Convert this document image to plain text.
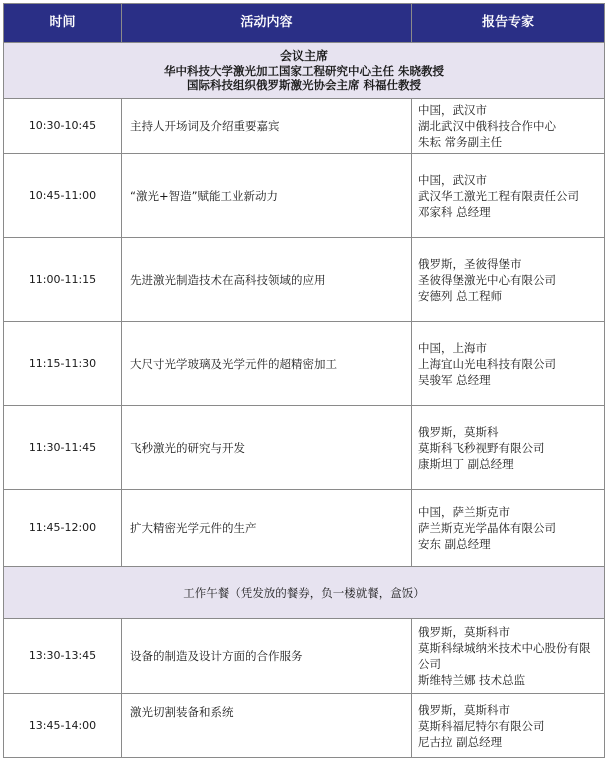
时间	活动内容	报告专家

会议主席
华中科技大学激光加工国家工程研究中心主任 朱晓教授
国际科技组织俄罗斯激光协会主席 科福仕教授		

10:30-10:45	主持人开场词及介绍重要嘉宾	中国，武汉市
湖北武汉中俄科技合作中心
朱耘 常务副主任

10:45-11:00	“激光+智造”赋能工业新动力	中国，武汉市
武汉华工激光工程有限责任公司
邓家科 总经理

11:00-11:15	先进激光制造技术在高科技领域的应用	俄罗斯，圣彼得堡市
圣彼得堡激光中心有限公司
安德列 总工程师

11:15-11:30	大尺寸光学玻璃及光学元件的超精密加工	中国，上海市
上海宜山光电科技有限公司
吴骏军 总经理

11:30-11:45	飞秒激光的研究与开发	俄罗斯，莫斯科
莫斯科飞秒视野有限公司
康斯坦丁 副总经理

11:45-12:00	扩大精密光学元件的生产	中国，萨兰斯克市
萨兰斯克光学晶体有限公司
安东 副总经理

工作午餐（凭发放的餐券，负一楼就餐，盒饭）		
13:30-13:45	设备的制造及设计方面的合作服务	俄罗斯，莫斯科市
莫斯科绿城纳米技术中心股份有限公司
斯维特兰娜 技术总监

13:45-14:00	激光切割装备和系统	俄罗斯，莫斯科市
莫斯科福尼特尔有限公司
尼古拉 副总经理
